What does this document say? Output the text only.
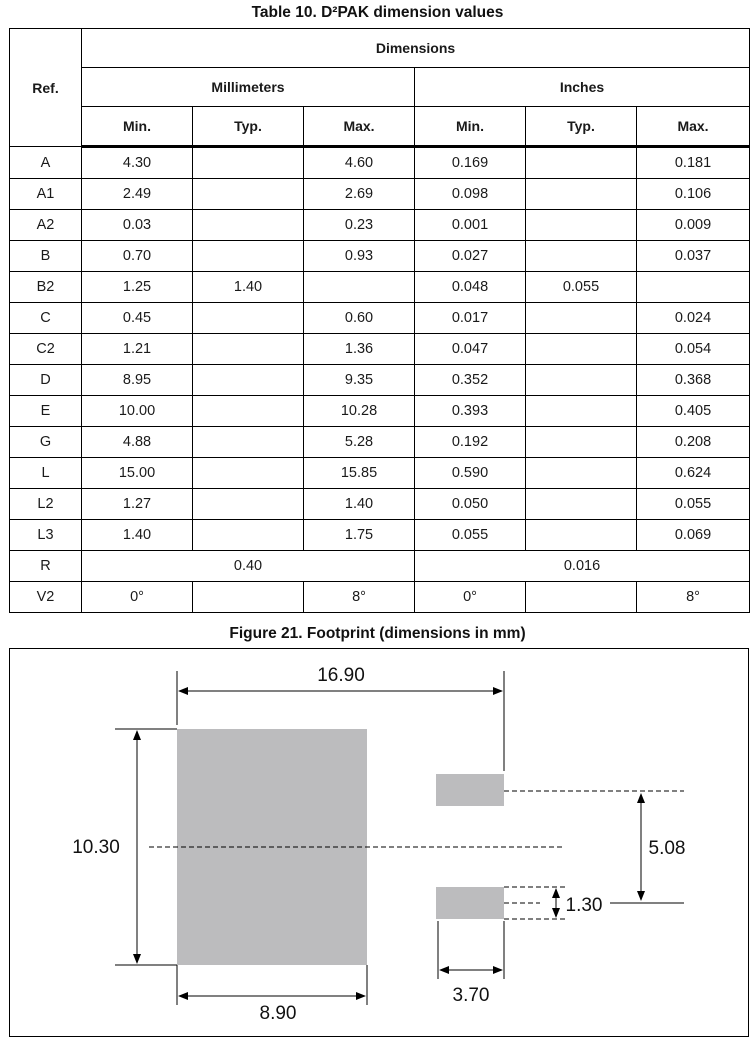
Table 10. D²PAK dimension values
Ref.	Dimensions					
	Millimeters			Inches		
	Min.	Typ.	Max.	Min.	Typ.	Max.
A	4.30		4.60	0.169		0.181
A1	2.49		2.69	0.098		0.106
A2	0.03		0.23	0.001		0.009
B	0.70		0.93	0.027		0.037
B2	1.25	1.40		0.048	0.055	
C	0.45		0.60	0.017		0.024
C2	1.21		1.36	0.047		0.054
D	8.95		9.35	0.352		0.368
E	10.00		10.28	0.393		0.405
G	4.88		5.28	0.192		0.208
L	15.00		15.85	0.590		0.624
L2	1.27		1.40	0.050		0.055
L3	1.40		1.75	0.055		0.069
R	0.40			0.016		
V2	0°		8°	0°		8°
Figure 21. Footprint (dimensions in mm)
16.90
10.30
8.90
5.08
1.30
3.70
